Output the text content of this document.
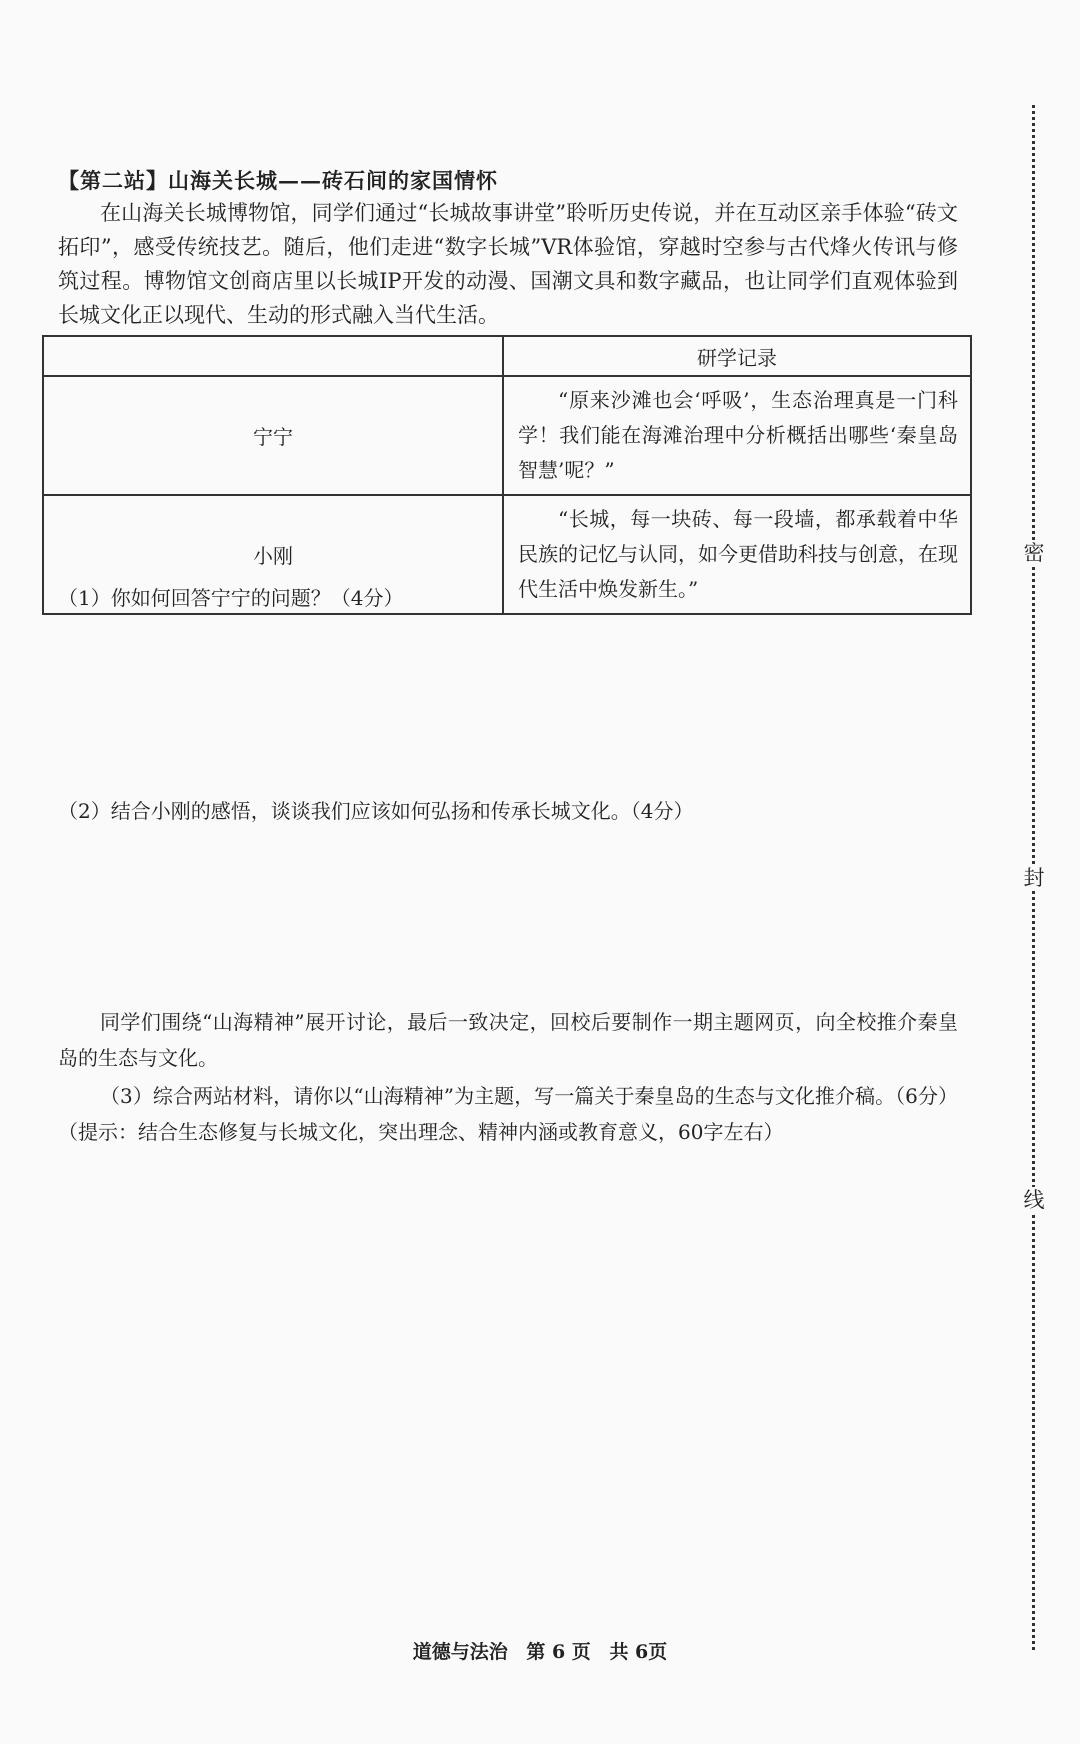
【第二站】山海关长城——砖石间的家国情怀
在山海关长城博物馆，同学们通过“长城故事讲堂”聆听历史传说，并在互动区亲手体验“砖文拓印”，感受传统技艺。随后，他们走进“数字长城”VR体验馆，穿越时空参与古代烽火传讯与修筑过程。博物馆文创商店里以长城IP开发的动漫、国潮文具和数字藏品，也让同学们直观体验到长城文化正以现代、生动的形式融入当代生活。
	研学记录
宁宁	“原来沙滩也会‘呼吸’，生态治理真是一门科学！我们能在海滩治理中分析概括出哪些‘秦皇岛智慧’呢？”
小刚	“长城，每一块砖、每一段墙，都承载着中华民族的记忆与认同，如今更借助科技与创意，在现代生活中焕发新生。”
（1）你如何回答宁宁的问题？（4分）
（2）结合小刚的感悟，谈谈我们应该如何弘扬和传承长城文化。（4分）
同学们围绕“山海精神”展开讨论，最后一致决定，回校后要制作一期主题网页，向全校推介秦皇岛的生态与文化。
（3）综合两站材料，请你以“山海精神”为主题，写一篇关于秦皇岛的生态与文化推介稿。（6分）（提示：结合生态修复与长城文化，突出理念、精神内涵或教育意义，60字左右）
道德与法治 第 6 页 共 6页
密
封
线
